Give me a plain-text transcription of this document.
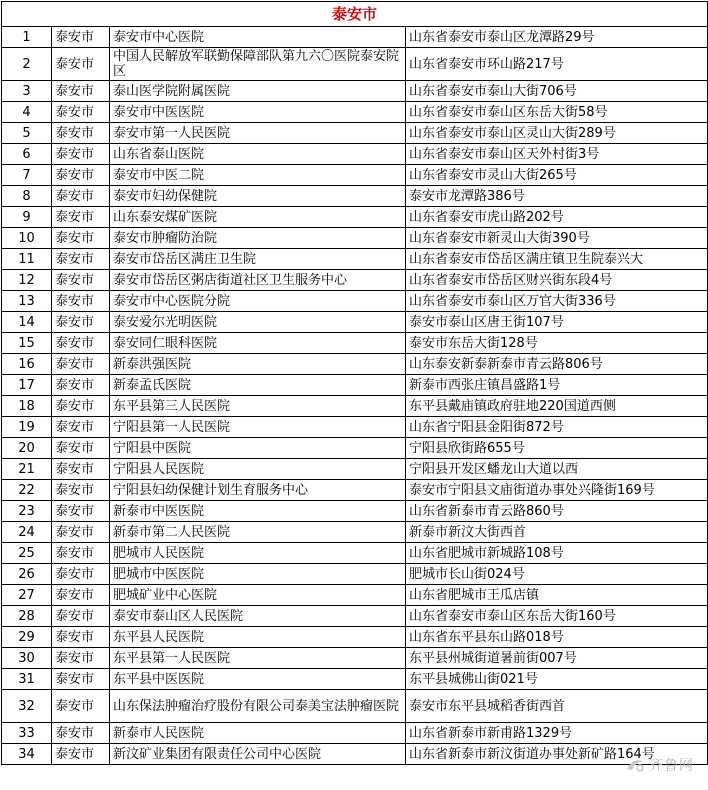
泰安市			
1	泰安市	泰安市中心医院	山东省泰安市泰山区龙潭路29号
2	泰安市	中国人民解放军联勤保障部队第九六〇医院泰安院区	山东省泰安市环山路217号
3	泰安市	泰山医学院附属医院	山东省泰安市泰山大街706号
4	泰安市	泰安市中医医院	山东省泰安市泰山区东岳大街58号
5	泰安市	泰安市第一人民医院	山东省泰安市泰山区灵山大街289号
6	泰安市	山东省泰山医院	山东省泰安市泰山区天外村街3号
7	泰安市	泰安市中医二院	山东省泰安市灵山大街265号
8	泰安市	泰安市妇幼保健院	泰安市龙潭路386号
9	泰安市	山东泰安煤矿医院	山东省泰安市虎山路202号
10	泰安市	泰安市肿瘤防治院	山东省泰安市新灵山大街390号
11	泰安市	泰安市岱岳区满庄卫生院	山东省泰安市岱岳区满庄镇卫生院泰兴大
12	泰安市	泰安市岱岳区粥店街道社区卫生服务中心	山东省泰安市岱岳区财兴街东段4号
13	泰安市	泰安市中心医院分院	山东省泰安市泰山区万官大街336号
14	泰安市	泰安爱尔光明医院	泰安市泰山区唐王街107号
15	泰安市	泰安同仁眼科医院	泰安市东岳大街128号
16	泰安市	新泰洪强医院	山东泰安新泰新泰市青云路806号
17	泰安市	新泰孟氏医院	新泰市西张庄镇昌盛路1号
18	泰安市	东平县第三人民医院	东平县戴庙镇政府驻地220国道西侧
19	泰安市	宁阳县第一人民医院	山东省宁阳县金阳街872号
20	泰安市	宁阳县中医院	宁阳县欣街路655号
21	泰安市	宁阳县人民医院	宁阳县开发区蟠龙山大道以西
22	泰安市	宁阳县妇幼保健计划生育服务中心	泰安市宁阳县文庙街道办事处兴隆街169号
23	泰安市	新泰市中医医院	山东省新泰市青云路860号
24	泰安市	新泰市第二人民医院	新泰市新汶大街西首
25	泰安市	肥城市人民医院	山东省肥城市新城路108号
26	泰安市	肥城市中医医院	肥城市长山街024号
27	泰安市	肥城矿业中心医院	山东省肥城市王瓜店镇
28	泰安市	泰安市泰山区人民医院	山东省泰安市泰山区东岳大街160号
29	泰安市	东平县人民医院	山东省东平县东山路018号
30	泰安市	东平县第一人民医院	东平县州城街道暑前街007号
31	泰安市	东平县中医医院	东平县城佛山街021号
32	泰安市	山东保法肿瘤治疗股份有限公司泰美宝法肿瘤医院	泰安市东平县城稻香街西首
33	泰安市	新泰市人民医院	山东省新泰市新甫路1329号
34	泰安市	新汶矿业集团有限责任公司中心医院	山东省新泰市新汶街道办事处新矿路164号
齐鲁网
